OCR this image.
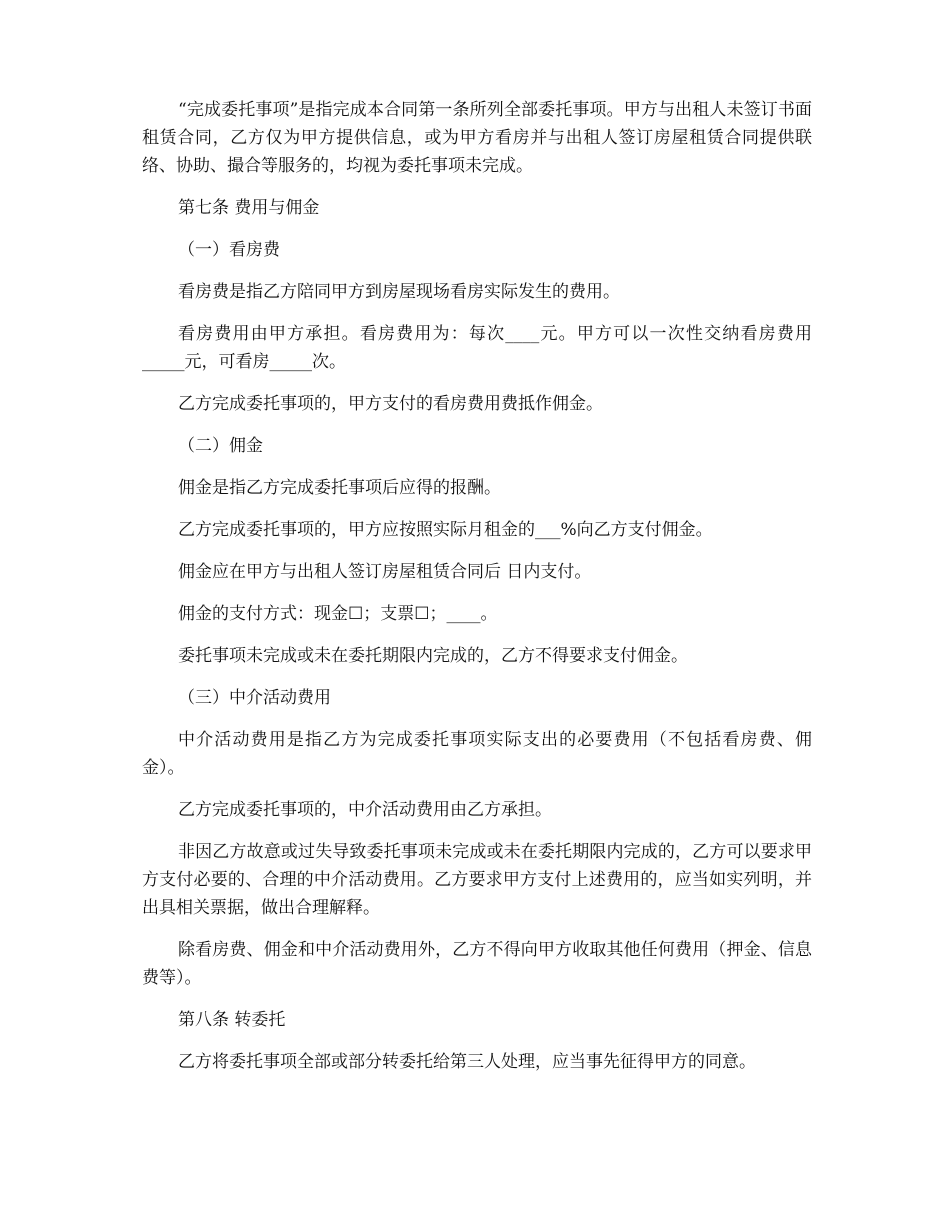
“完成委托事项”是指完成本合同第一条所列全部委托事项。甲方与出租人未签订书面租赁合同，乙方仅为甲方提供信息，或为甲方看房并与出租人签订房屋租赁合同提供联络、协助、撮合等服务的，均视为委托事项未完成。

第七条 费用与佣金

（一）看房费

看房费是指乙方陪同甲方到房屋现场看房实际发生的费用。

看房费用由甲方承担。看房费用为：每次____元。甲方可以一次性交纳看房费用_____元，可看房_____次。

乙方完成委托事项的，甲方支付的看房费用费抵作佣金。

（二）佣金

佣金是指乙方完成委托事项后应得的报酬。

乙方完成委托事项的，甲方应按照实际月租金的___%向乙方支付佣金。

佣金应在甲方与出租人签订房屋租赁合同后 日内支付。

佣金的支付方式：现金☐；支票☐；____。

委托事项未完成或未在委托期限内完成的，乙方不得要求支付佣金。

（三）中介活动费用

中介活动费用是指乙方为完成委托事项实际支出的必要费用（不包括看房费、佣金）。

乙方完成委托事项的，中介活动费用由乙方承担。

非因乙方故意或过失导致委托事项未完成或未在委托期限内完成的，乙方可以要求甲方支付必要的、合理的中介活动费用。乙方要求甲方支付上述费用的，应当如实列明，并出具相关票据，做出合理解释。

除看房费、佣金和中介活动费用外，乙方不得向甲方收取其他任何费用（押金、信息费等）。

第八条 转委托

乙方将委托事项全部或部分转委托给第三人处理，应当事先征得甲方的同意。
